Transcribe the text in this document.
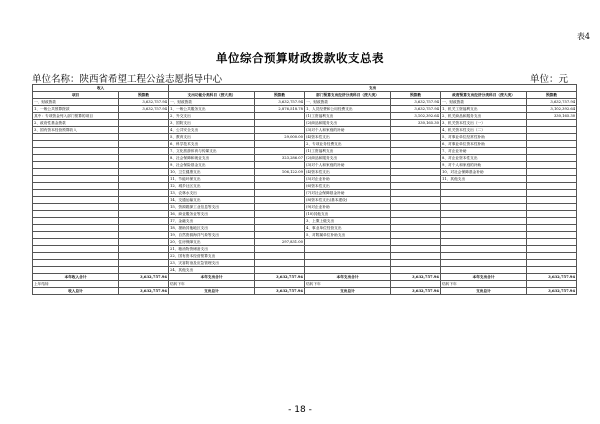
表4
单位综合预算财政拨款收支总表
单位名称：陕西省希望工程公益志愿指导中心	单位：元
收入		支出					
项目	预算数	支出功能分类科目（按大类）	预算数	部门预算支出经济分类科目（按大类）	预算数	政府预算支出经济分类科目（按大类）	预算数
一、财政拨款	3,632,757.94	一、财政拨款	3,632,757.94	一、财政拨款	3,632,757.94	一、财政拨款	3,632,757.94
1、一般公共预算拨款	3,632,757.94	1、一般公共服务支出	2,876,518.78	1、人员经费和公用经费支出	3,632,757.94	1、机关工资福利支出	3,102,392.64
其中：专项资金列入部门预算的项目		2、外交支出		(1)工资福利支出	3,102,392.64	2、机关商品和服务支出	330,165.30
2、政府性基金拨款		3、国防支出		(2)商品和服务支出	330,165.30	3、机关资本性支出（一）	
3、国有资本经营预算收入		4、公共安全支出		(3)对个人和家庭的补助		4、机关资本性支出（二）	
		5、教育支出	29,000.00	(4)资本性支出		5、对事业单位经常性补助	
		6、科学技术支出		2、专项业务经费支出		6、对事业单位资本性补助	
		7、文化旅游体育与传媒支出		(1)工资福利支出		7、对企业补助	
		8、社会保障和就业支出	323,286.07	(2)商品和服务支出		8、对企业资本性支出	
		9、社会保险基金支出		(3)对个人和家庭的补助		9、对个人和家庭的补助	
		10、卫生健康支出	106,122.09	(4)资本性支出		10、对社会保障基金补助	
		11、节能环保支出		(5)对企业补助		11、其他支出	
		12、城乡社区支出		(6)资本性支出			
		13、农林水支出		(7)对社会保障基金补助			
		14、交通运输支出		(8)资本性支出(基本建设)			
		15、资源勘探工业信息等支出		(9)对企业补助			
		16、商业服务业等支出		(10)其他支出			
		17、金融支出		3、上缴上级支出			
		18、援助其他地区支出		4、事业单位经营支出			
		19、自然资源海洋气象等支出		5、对附属单位补助支出			
		20、住房保障支出	297,831.00				
		21、粮油物资储备支出					
		22、国有资本经营预算支出					
		23、灾害防治及应急管理支出					
		24、其他支出					
本年收入合计	3,632,757.94	本年支出合计	3,632,757.94	本年支出合计	3,632,757.94	本年支出合计	3,632,757.94
上年结转		结转下年		结转下年		结转下年	
收入总计	3,632,757.94	支出总计	3,632,757.94	支出总计	3,632,757.94	支出总计	3,632,757.94
- 18 -
